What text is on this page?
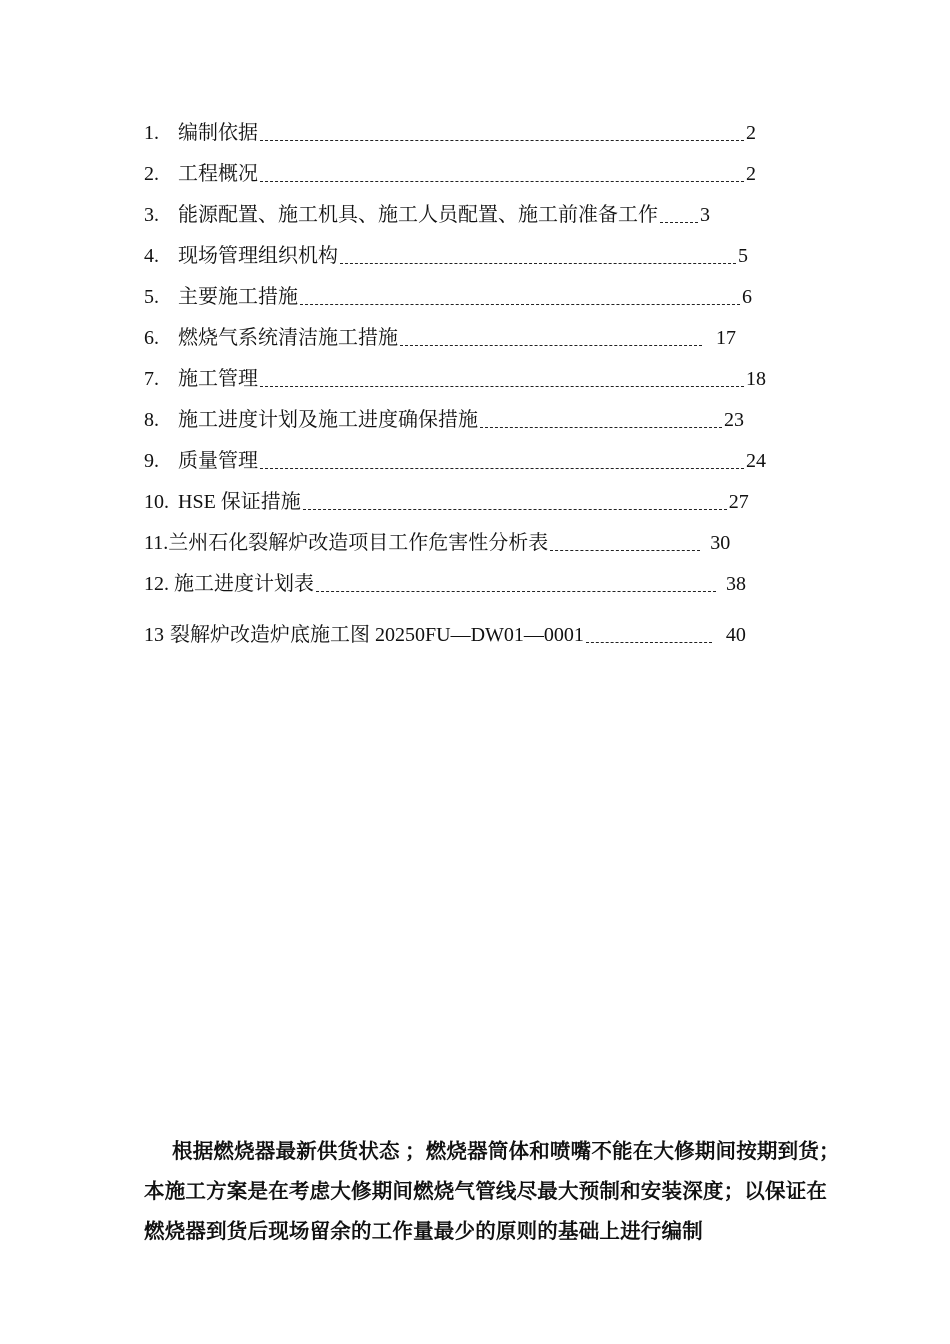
1. 编制依据	2
2. 工程概况	2
3. 能源配置、施工机具、施工人员配置、施工前准备工作 3
4. 现场管理组织机构	5
5. 主要施工措施	6
6. 燃烧气系统清洁施工措施	17
7. 施工管理	18
8. 施工进度计划及施工进度确保措施	23
9. 质量管理	24
10. HSE 保证措施	27
11. 兰州石化裂解炉改造项目工作危害性分析表	30
12. 施工进度计划表	38
13 裂解炉改造炉底施工图 20250FU—DW01—0001	40

根据燃烧器最新供货状态 ；燃烧器筒体和喷嘴不能在大修期间按期到货；本施工方案是在考虑大修期间燃烧气管线尽最大预制和安装深度；以保证在燃烧器到货后现场留余的工作量最少的原则的基础上进行编制
